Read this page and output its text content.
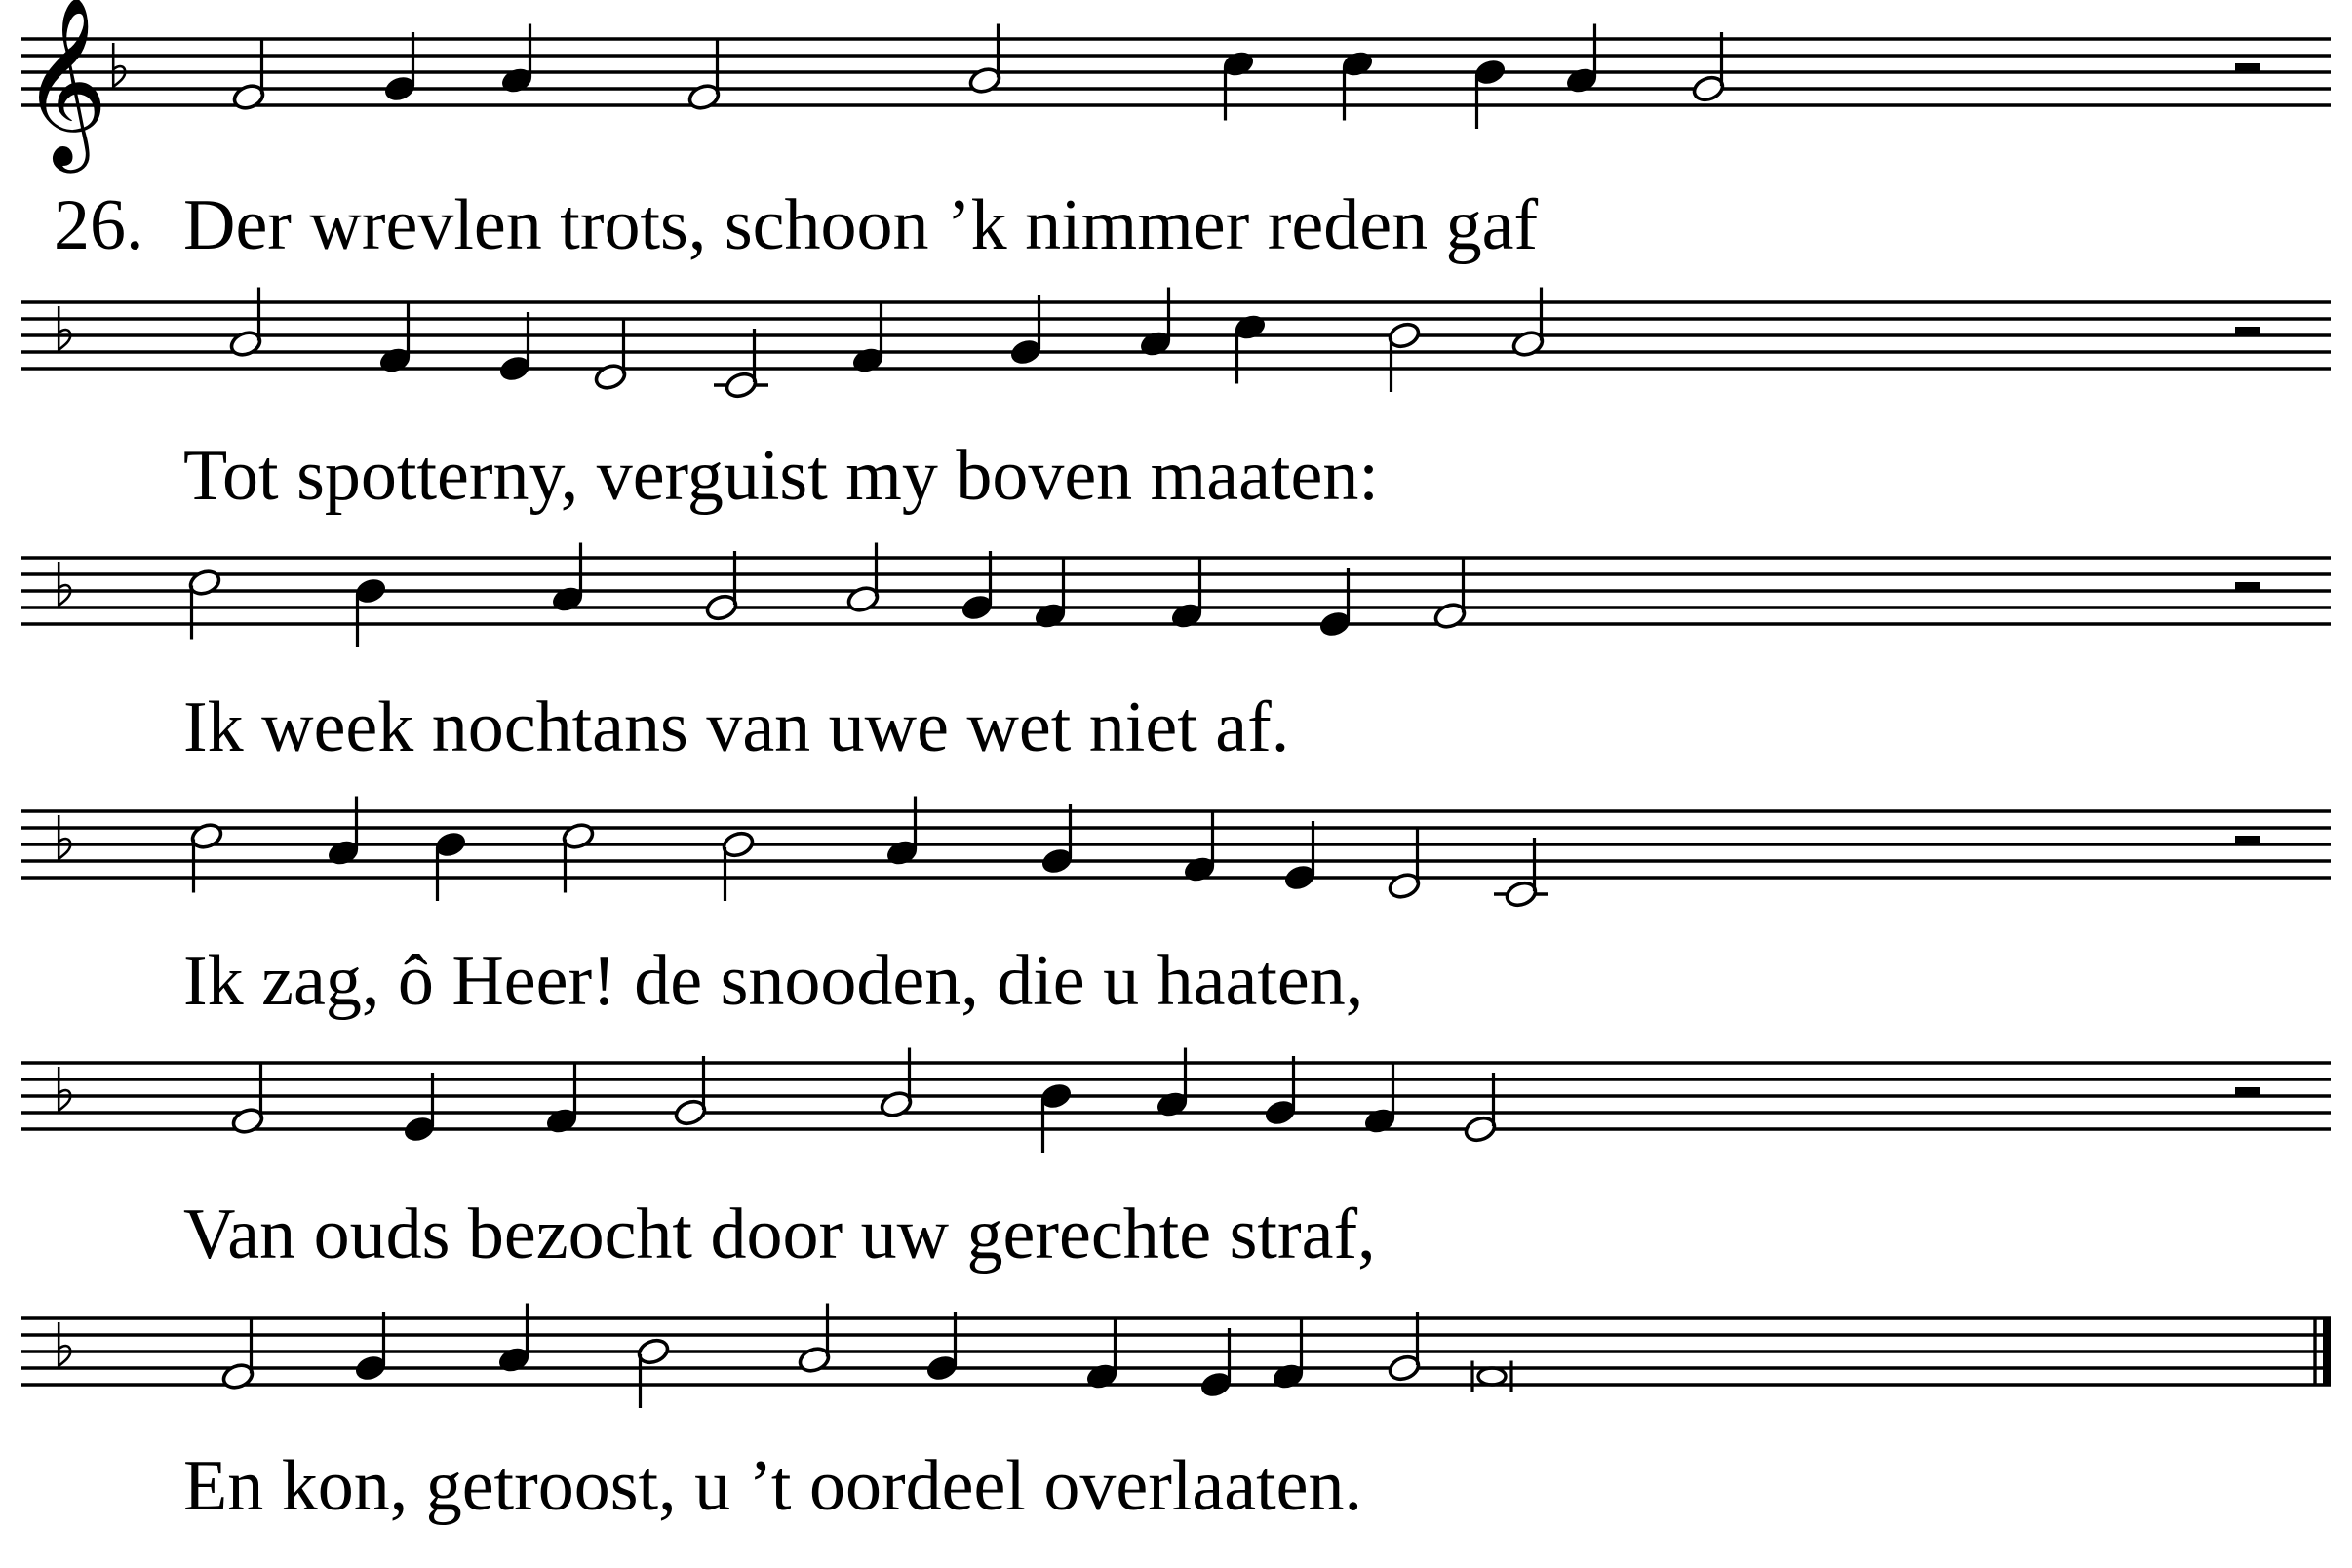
26. Der wrevlen trots, schoon ’k nimmer reden gaf
𝄞
Tot spotterny, verguist my boven maaten:
Ik week nochtans van uwe wet niet af.
Ik zag, ô Heer! de snooden, die u haaten,
Van ouds bezocht door uw gerechte straf,
En kon, getroost, u ’t oordeel overlaaten.
